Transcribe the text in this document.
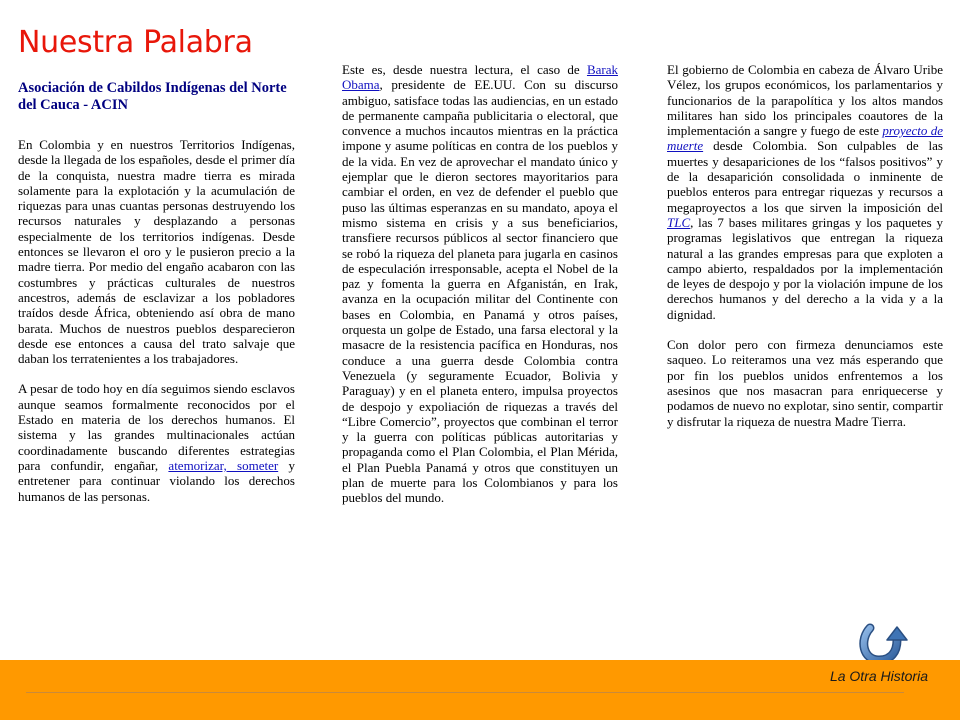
Nuestra Palabra
Asociación de Cabildos Indígenas del Norte del Cauca - ACIN

En Colombia y en nuestros Territorios Indígenas, desde la llegada de los españoles, desde el primer día de la conquista, nuestra madre tierra es mirada solamente para la explotación y la acumulación de riquezas para unas cuantas personas destruyendo los recursos naturales y desplazando a personas especialmente de los territorios indígenas. Desde entonces se llevaron el oro y le pusieron precio a la madre tierra. Por medio del engaño acabaron con las costumbres y prácticas culturales de nuestros ancestros, además de esclavizar a los pobladores traídos desde África, obteniendo así obra de mano barata. Muchos de nuestros pueblos desparecieron desde ese entonces a causa del trato salvaje que daban los terratenientes a los trabajadores.

A pesar de todo hoy en día seguimos siendo esclavos aunque seamos formalmente reconocidos por el Estado en materia de los derechos humanos. El sistema y las grandes multinacionales actúan coordinadamente buscando diferentes estrategias para confundir, engañar, atemorizar, someter y entretener para continuar violando los derechos humanos de las personas.

Este es, desde nuestra lectura, el caso de Barak Obama, presidente de EE.UU. Con su discurso ambiguo, satisface todas las audiencias, en un estado de permanente campaña publicitaria o electoral, que convence a muchos incautos mientras en la práctica impone y asume políticas en contra de los pueblos y de la vida. En vez de aprovechar el mandato único y ejemplar que le dieron sectores mayoritarios para cambiar el orden, en vez de defender el pueblo que puso las últimas esperanzas en su mandato, apoya el mismo sistema en crisis y a sus beneficiarios, transfiere recursos públicos al sector financiero que se robó la riqueza del planeta para jugarla en casinos de especulación irresponsable, acepta el Nobel de la paz y fomenta la guerra en Afganistán, en Irak, avanza en la ocupación militar del Continente con bases en Colombia, en Panamá y otros países, orquesta un golpe de Estado, una farsa electoral y la masacre de la resistencia pacífica en Honduras, nos conduce a una guerra desde Colombia contra Venezuela (y seguramente Ecuador, Bolivia y Paraguay) y en el planeta entero, impulsa proyectos de despojo y expoliación de riquezas a través del “Libre Comercio”, proyectos que combinan el terror y la guerra con políticas públicas autoritarias y propaganda como el Plan Colombia, el Plan Mérida, el Plan Puebla Panamá y otros que constituyen un plan de muerte para los Colombianos y para los pueblos del mundo.

El gobierno de Colombia en cabeza de Álvaro Uribe Vélez, los grupos económicos, los parlamentarios y funcionarios de la parapolítica y los altos mandos militares han sido los principales coautores de la implementación a sangre y fuego de este proyecto de muerte desde Colombia. Son culpables de las muertes y desapariciones de los “falsos positivos” y de la desaparición consolidada o inminente de pueblos enteros para entregar riquezas y recursos a megaproyectos a los que sirven la imposición del TLC, las 7 bases militares gringas y los paquetes y programas legislativos que entregan la riqueza natural a las grandes empresas para que exploten a campo abierto, respaldados por la implementación de leyes de despojo y por la violación impune de los derechos humanos y del derecho a la vida y a la dignidad.

Con dolor pero con firmeza denunciamos este saqueo. Lo reiteramos una vez más esperando que por fin los pueblos unidos enfrentemos a los asesinos que nos masacran para enriquecerse y podamos de nuevo no explotar, sino sentir, compartir y disfrutar la riqueza de nuestra Madre Tierra.

La Otra Historia
